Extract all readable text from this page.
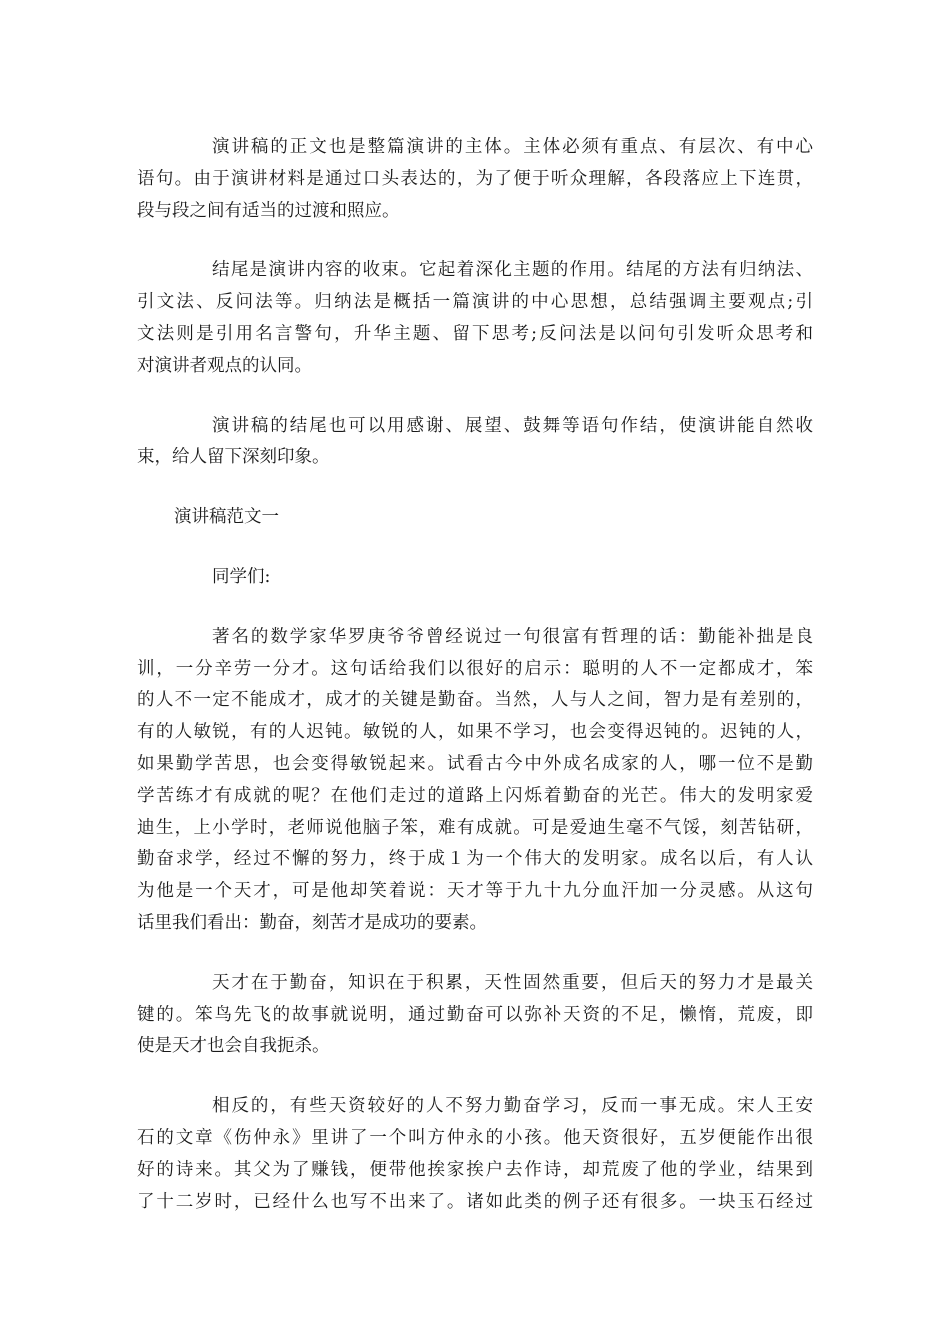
演讲稿的正文也是整篇演讲的主体。主体必须有重点、有层次、有中心
语句。由于演讲材料是通过口头表达的，为了便于听众理解，各段落应上下连贯，
段与段之间有适当的过渡和照应。
结尾是演讲内容的收束。它起着深化主题的作用。结尾的方法有归纳法、
引文法、反问法等。归纳法是概括一篇演讲的中心思想，总结强调主要观点;引
文法则是引用名言警句，升华主题、留下思考;反问法是以问句引发听众思考和
对演讲者观点的认同。
演讲稿的结尾也可以用感谢、展望、鼓舞等语句作结，使演讲能自然收
束，给人留下深刻印象。
演讲稿范文一
同学们:
著名的数学家华罗庚爷爷曾经说过一句很富有哲理的话：勤能补拙是良
训，一分辛劳一分才。这句话给我们以很好的启示：聪明的人不一定都成才，笨
的人不一定不能成才，成才的关键是勤奋。当然，人与人之间，智力是有差别的，
有的人敏锐，有的人迟钝。敏锐的人，如果不学习，也会变得迟钝的。迟钝的人，
如果勤学苦思，也会变得敏锐起来。试看古今中外成名成家的人，哪一位不是勤
学苦练才有成就的呢？在他们走过的道路上闪烁着勤奋的光芒。伟大的发明家爱
迪生，上小学时，老师说他脑子笨，难有成就。可是爱迪生毫不气馁，刻苦钻研，
勤奋求学，经过不懈的努力，终于成１为一个伟大的发明家。成名以后，有人认
为他是一个天才，可是他却笑着说：天才等于九十九分血汗加一分灵感。从这句
话里我们看出：勤奋，刻苦才是成功的要素。
天才在于勤奋，知识在于积累，天性固然重要，但后天的努力才是最关
键的。笨鸟先飞的故事就说明，通过勤奋可以弥补天资的不足，懒惰，荒废，即
使是天才也会自我扼杀。
相反的，有些天资较好的人不努力勤奋学习，反而一事无成。宋人王安
石的文章《伤仲永》里讲了一个叫方仲永的小孩。他天资很好，五岁便能作出很
好的诗来。其父为了赚钱，便带他挨家挨户去作诗，却荒废了他的学业，结果到
了十二岁时，已经什么也写不出来了。诸如此类的例子还有很多。一块玉石经过
